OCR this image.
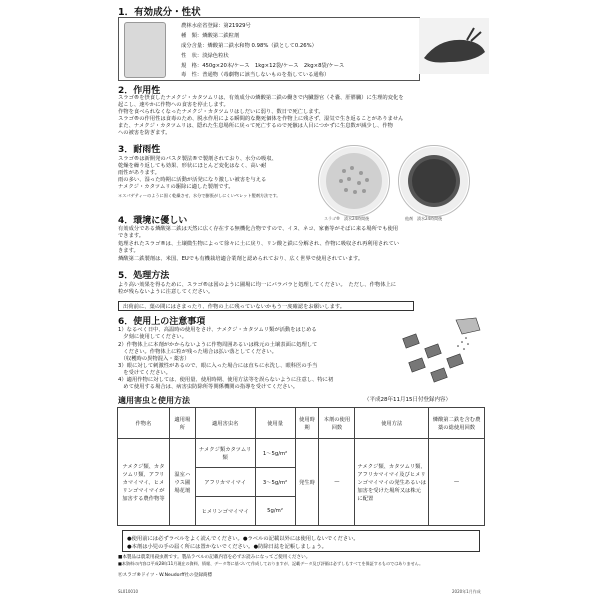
1．有効成分・性状
農林水産省登録：第21929号
種　類：燐酸第二鉄粒剤
成分含量：燐酸第二鉄水和物 0.98%（鉄として0.26%）
性　状：淡緑色粒状
規　格：450g×20本/ケース　1kg×12袋/ケース　2kg×8袋/ケース
毒　性：普通物（毒劇物に該当しないものを指している通称）
2．作用性
スラゴ®を摂食したナメクジ・カタツムリは、有効成分の燐酸第二鉄の働きで内臓器官（そ嚢、肝膵臓）に生理的変化を
起こし、速やかに作物への食害を停止します。
作物を食べられなくなったナメクジ・カタツムリはしだいに弱り、数日で死亡します。
スラゴ®の作用性は食毒のため、脱水作用による瞬間的な斃死個体を作物上に残さず、湿気で生き返ることがありません
また、ナメクジ・カタツムリは、隠れた生息場所に戻って死亡するので死骸は人目につかずに生息数が減少し、作物
への被害を防ぎます。
3．耐雨性
スラゴ®は新開発のパスタ製法®で製剤されており、水分の吸収、
乾燥を繰り返しても効果、形状にほとんど変化はなく、高い耐
雨性があります。
雨の多い、湿った時期に活動が活発になり激しい被害を与える
ナメクジ・カタツムリの駆除に適した製剤です。
＊スパゲティーのように固く乾燥させ、水分で膨張がしにくいペレット製剤方法です。
スラゴ®　漬水24時間後	他剤　漬水24時間後
4．環境に優しい
有効成分である燐酸第二鉄は天然に広く存在する無機化合物ですので、イヌ、ネコ、家畜等がそばに来る場所でも使用
できます。
処理されたスラゴ®は、土壌微生物によって徐々に土に戻り、リン酸と鉄に分解され、作物に吸収され再利用されてい
きます。
燐酸第二鉄製剤は、米国、EUでも有機栽培適合業剤と認められており、広く世界で使用されています。
5．処理方法
より高い効果を得るために、スラゴ®は図のように圃場に均一にバラバラと処理してください。　ただし、作物体上に
粒が残らないように注意してください。
出荷前に、葉の間にはさまったり、作物の上に残っていないかもう一度確認をお願いします。
6．使用上の注意事項
1）なるべく日中、高温時の使用をさけ、ナメクジ・カタツムリ類が活動をはじめる
　夕刻に使用してください。
2）作物体上に本剤がかからないように作物周囲あるいは株元の土壌表面に処理して
　ください。作物体上に粒が残った場合は払い落としてください。
　（収穫時の異物混入・薬害）
3）眼に対して刺激性があるので、眼に入った場合には直ちに水洗し、眼科医の手当
　を受けてください。
4）適用作物に対しては、使用量、使用時期、使用方法等を誤らないように注意し、特に初
　めて使用する場合は、病害虫防除所等関係機関の指導を受けてください。
適用害虫と使用方法	（平成28年11月15日付登録内容）
作物名	適用場所	適用害虫名	使用量	使用時期	本剤の使用回数	使用方法	燐酸第二鉄を含む農薬の総使用回数
ナメクジ類、カタツムリ類、アフリカマイマイ、ヒメリンゴマイマイが加害する農作物等	温室ハウス圃場花壇	ナメクジ類カタツムリ類	1～5g/m²	発生時	—	ナメクジ類、カタツムリ類、アフリカマイマイ及びヒメリンゴマイマイの発生あるいは加害を受けた場所又は株元に配置	—
		アフリカマイマイ	3～5g/m²				
		ヒメリンゴマイマイ	5g/m²				
●使用前には必ずラベルをよく読んでください。●ラベルの記載以外には使用しないでください。
●本剤は小児の手の届く所には置かないでください。●防除日誌を記帳しましょう。
■本製品は農業用殺虫剤です。製品ラベルの記載内容を必ずお読みになってご使用ください。
■本資料の内容は平成28年11月現在の資料、情報、データ等に基づいて作成しておりますが、記載データ及び評価は必ずしもすべてを保証するものではありません。
Ⓡスラゴ®ドイツ・W.Neudorff社の登録商標
SL010010	2020年1月作成
